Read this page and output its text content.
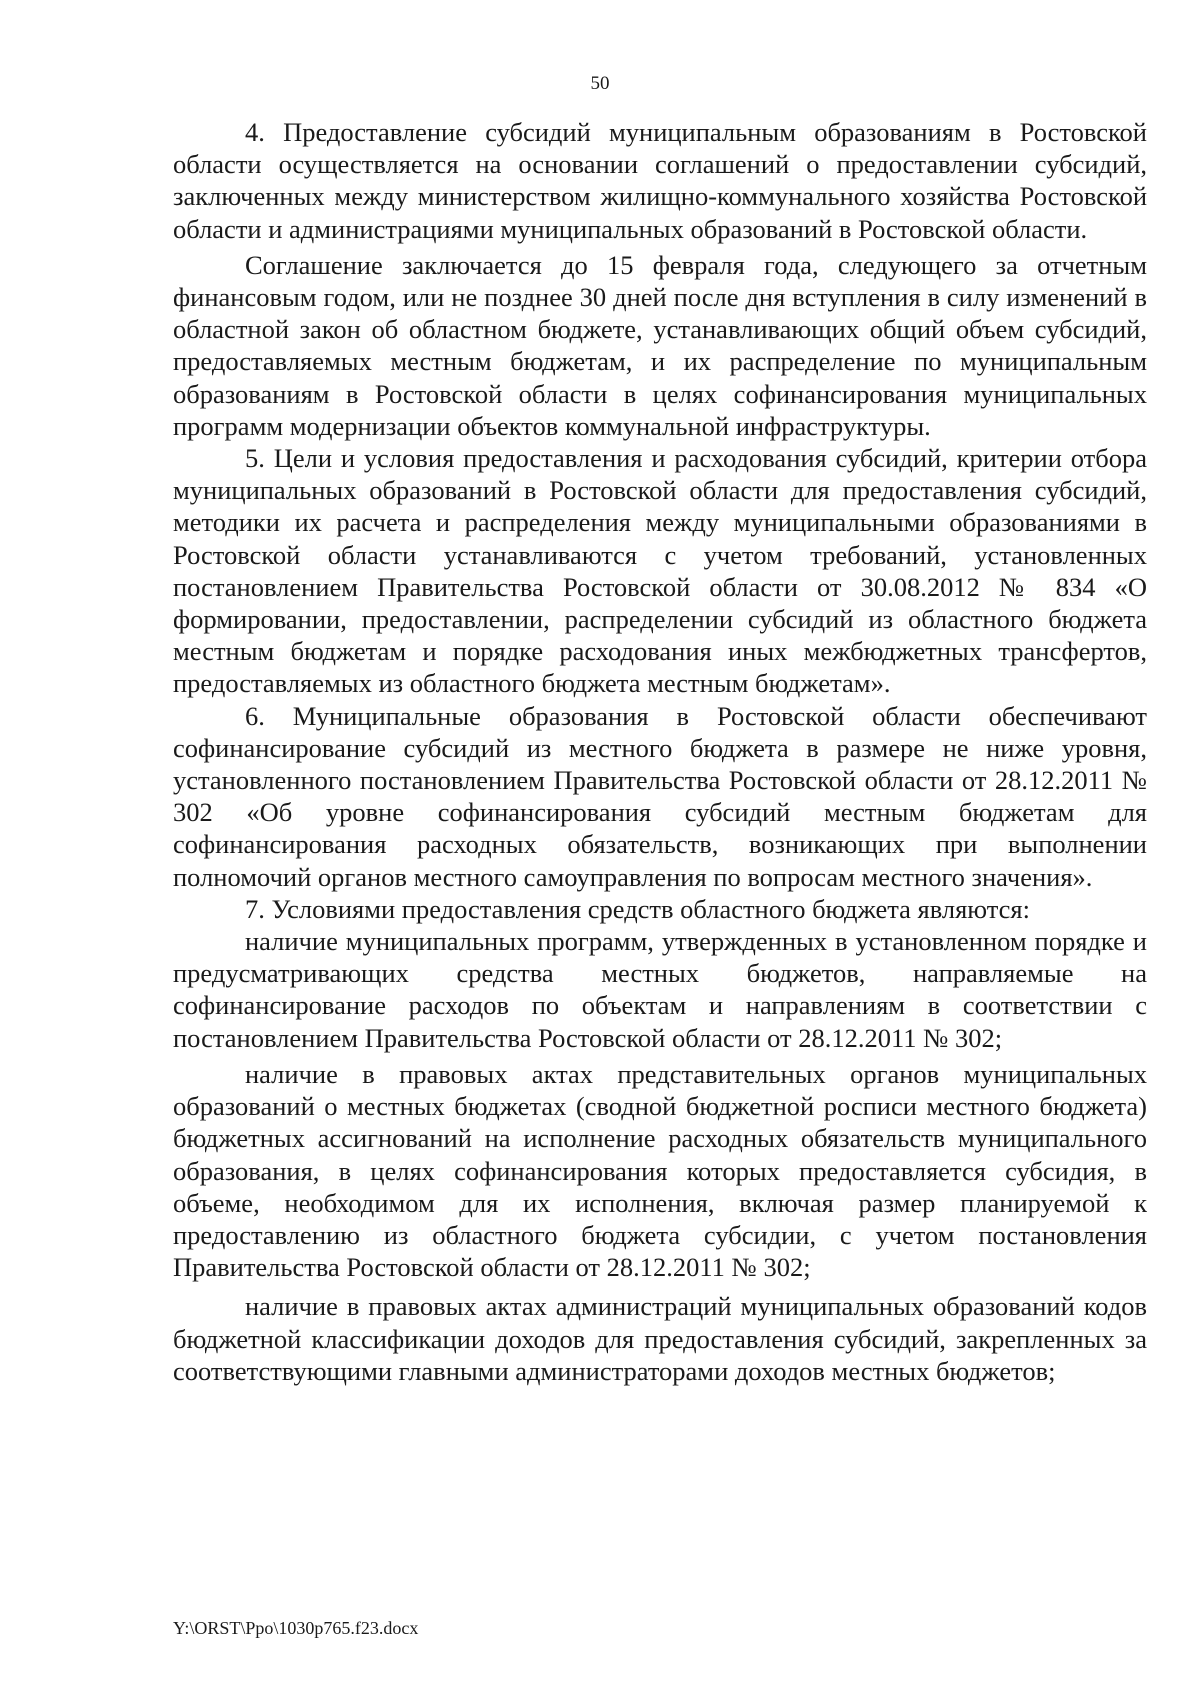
50

4. Предоставление субсидий муниципальным образованиям в Ростовской области осуществляется на основании соглашений о предоставлении субсидий, заключенных между министерством жилищно-коммунального хозяйства Ростовской области и администрациями муниципальных образований в Ростовской области.

Соглашение заключается до 15 февраля года, следующего за отчетным финансовым годом, или не позднее 30 дней после дня вступления в силу изменений в областной закон об областном бюджете, устанавливающих общий объем субсидий, предоставляемых местным бюджетам, и их распределение по муниципальным образованиям в Ростовской области в целях софинансирования муниципальных программ модернизации объектов коммунальной инфраструктуры.

5. Цели и условия предоставления и расходования субсидий, критерии отбора муниципальных образований в Ростовской области для предоставления субсидий, методики их расчета и распределения между муниципальными образованиями в Ростовской области устанавливаются с учетом требований, установленных постановлением Правительства Ростовской области от 30.08.2012 № 834 «О формировании, предоставлении, распределении субсидий из областного бюджета местным бюджетам и порядке расходования иных межбюджетных трансфертов, предоставляемых из областного бюджета местным бюджетам».

6. Муниципальные образования в Ростовской области обеспечивают софинансирование субсидий из местного бюджета в размере не ниже уровня, установленного постановлением Правительства Ростовской области от 28.12.2011 № 302 «Об уровне софинансирования субсидий местным бюджетам для софинансирования расходных обязательств, возникающих при выполнении полномочий органов местного самоуправления по вопросам местного значения».

7. Условиями предоставления средств областного бюджета являются:

наличие муниципальных программ, утвержденных в установленном порядке и предусматривающих средства местных бюджетов, направляемые на софинансирование расходов по объектам и направлениям в соответствии с постановлением Правительства Ростовской области от 28.12.2011 № 302;

наличие в правовых актах представительных органов муниципальных образований о местных бюджетах (сводной бюджетной росписи местного бюджета) бюджетных ассигнований на исполнение расходных обязательств муниципального образования, в целях софинансирования которых предоставляется субсидия, в объеме, необходимом для их исполнения, включая размер планируемой к предоставлению из областного бюджета субсидии, с учетом постановления Правительства Ростовской области от 28.12.2011 № 302;

наличие в правовых актах администраций муниципальных образований кодов бюджетной классификации доходов для предоставления субсидий, закрепленных за соответствующими главными администраторами доходов местных бюджетов;

Y:\ORST\Ppo\1030p765.f23.docx
